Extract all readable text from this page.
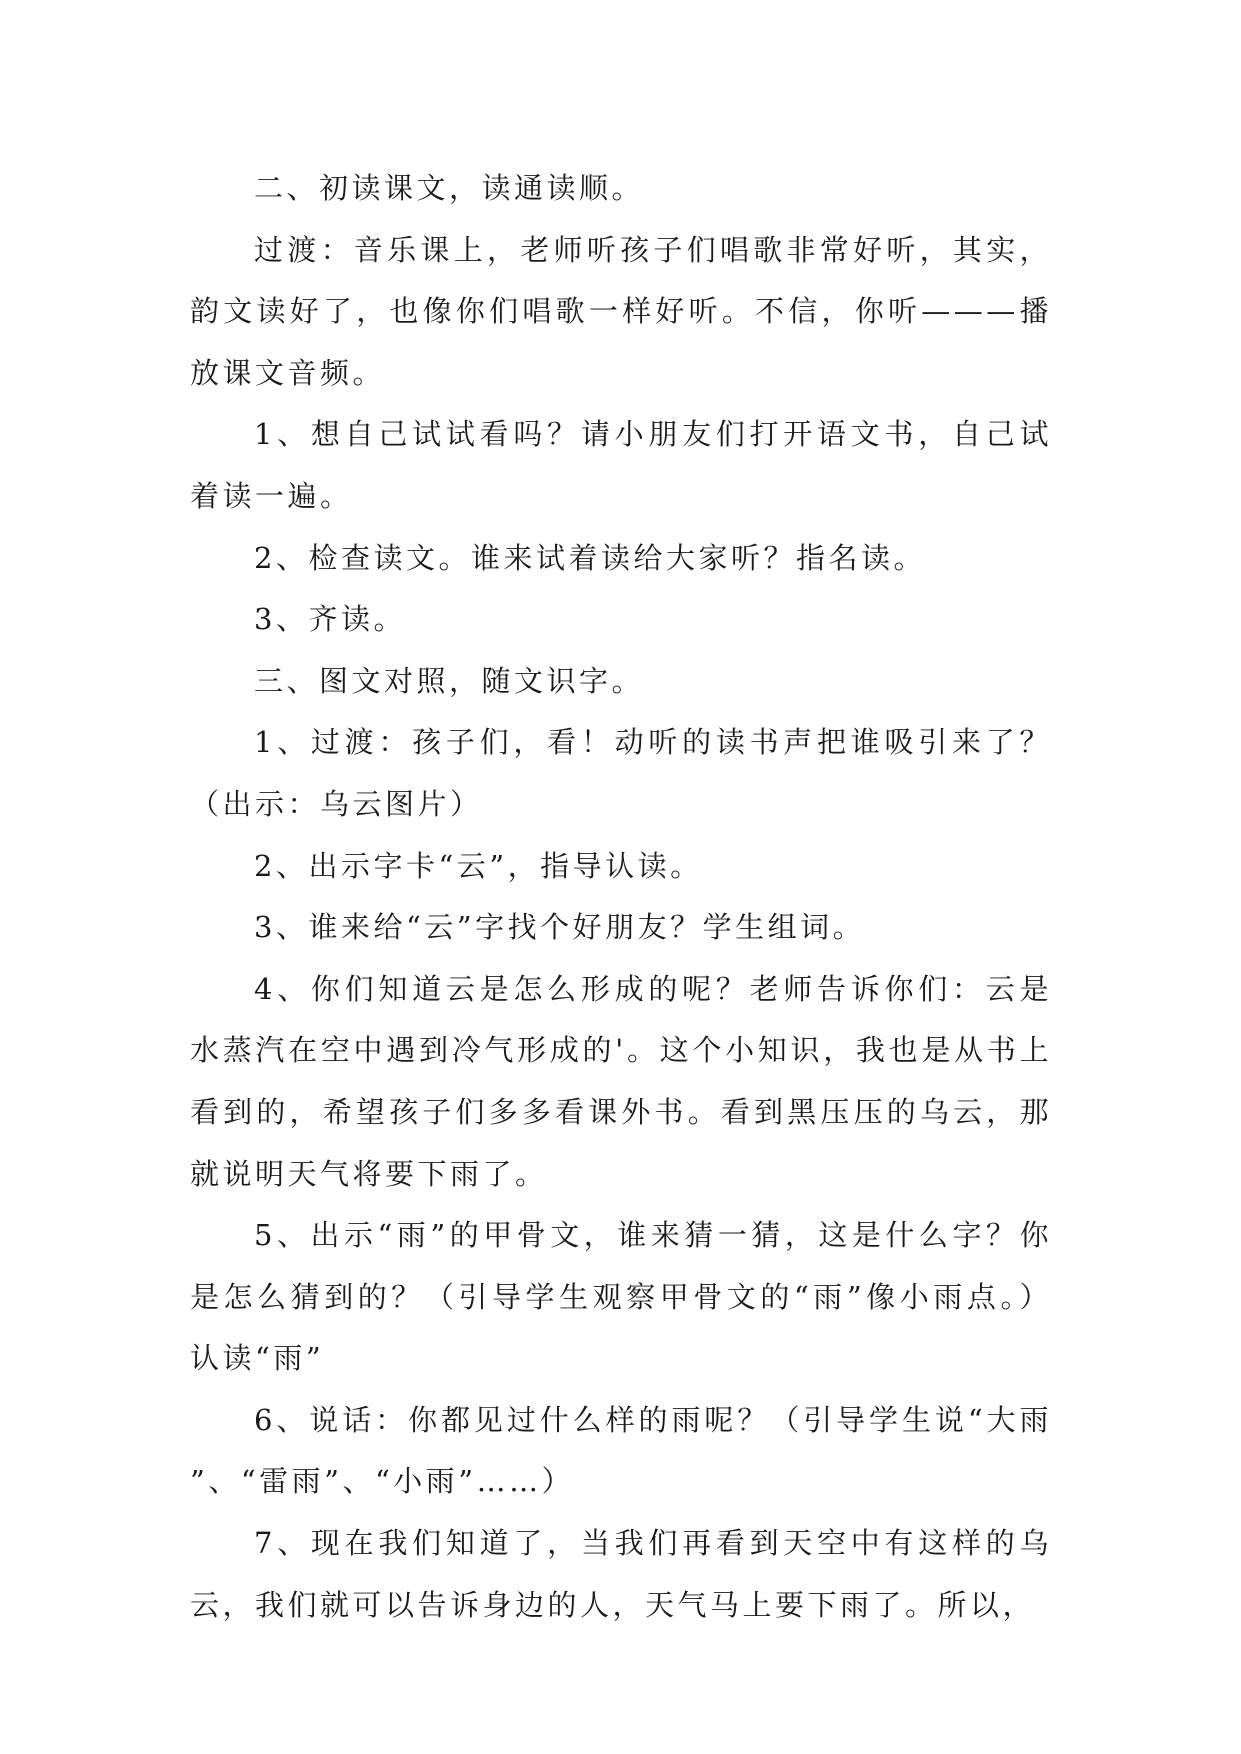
二、初读课文，读通读顺。

过渡：音乐课上，老师听孩子们唱歌非常好听，其实，韵文读好了，也像你们唱歌一样好听。不信，你听———播放课文音频。

1、想自己试试看吗？请小朋友们打开语文书，自己试着读一遍。

2、检查读文。谁来试着读给大家听？指名读。

3、齐读。

三、图文对照，随文识字。

1、过渡：孩子们，看！动听的读书声把谁吸引来了？（出示：乌云图片）

2、出示字卡“云”，指导认读。

3、谁来给“云”字找个好朋友？学生组词。

4、你们知道云是怎么形成的呢？老师告诉你们：云是水蒸汽在空中遇到冷气形成的'。这个小知识，我也是从书上看到的，希望孩子们多多看课外书。看到黑压压的乌云，那就说明天气将要下雨了。

5、出示“雨”的甲骨文，谁来猜一猜，这是什么字？你是怎么猜到的？（引导学生观察甲骨文的“雨”像小雨点。）认读“雨”

6、说话：你都见过什么样的雨呢？（引导学生说“大雨”、“雷雨”、“小雨”……）

7、现在我们知道了，当我们再看到天空中有这样的乌云，我们就可以告诉身边的人，天气马上要下雨了。所以，
